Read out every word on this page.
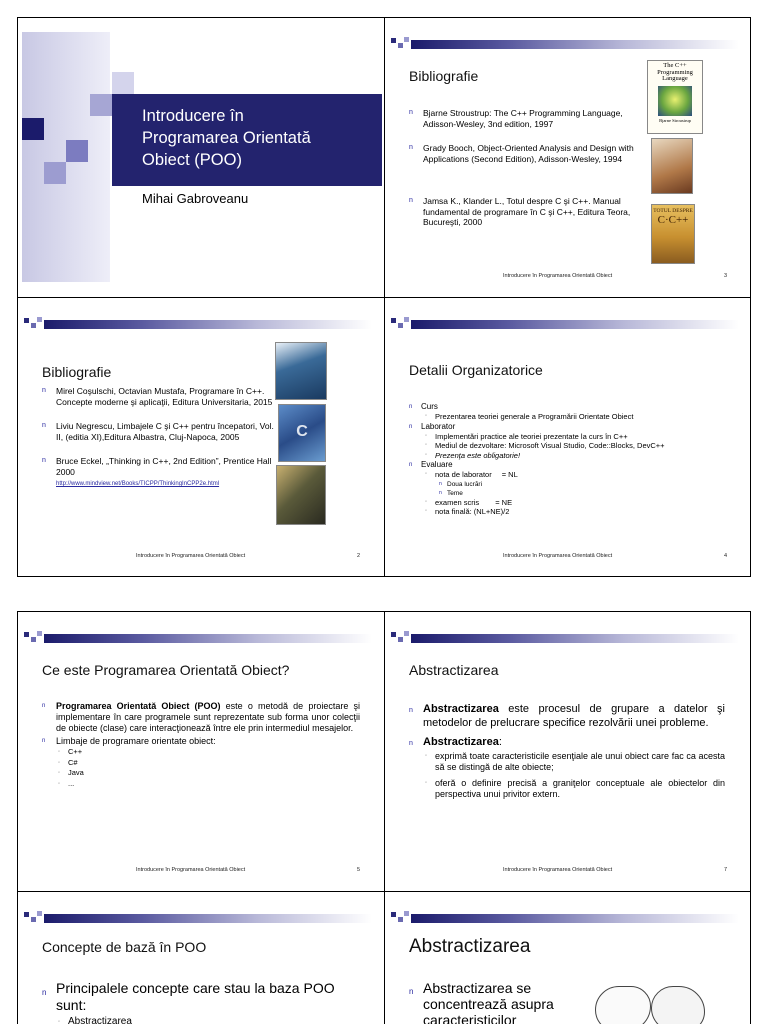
Introducere în
Programarea Orientată
Obiect (POO)
Mihai Gabroveanu
Bibliografie
n Bjarne Stroustrup: The C++ Programming Language, Adisson-Wesley, 3nd edition, 1997
n Grady Booch, Object-Oriented Analysis and Design with Applications (Second Edition), Adisson-Wesley, 1994
n Jamsa K., Klander L., Totul despre C şi C++. Manual fundamental de programare în C şi C++, Editura Teora, Bucureşti, 2000
The C++
Programming
Language
Bjarne Stroustrup
TOTUL DESPRE
C·C++
Introducere în Programarea Orientată Obiect	3
Bibliografie
n Mirel Coşulschi, Octavian Mustafa, Programare în C++. Concepte moderne şi aplicaţii, Editura Universitaria, 2015
n Liviu Negrescu, Limbajele C şi C++ pentru începatori, Vol. II, (editia XI),Editura Albastra, Cluj-Napoca, 2005
n Bruce Eckel, „Thinking in C++, 2nd Edition”, Prentice Hall 2000
http://www.mindview.net/Books/TICPP/ThinkingInCPP2e.html
C
Introducere în Programarea Orientată Obiect	2
Detalii Organizatorice
n Curs
◦ Prezentarea teoriei generale a Programării Orientate Obiect
n Laborator
◦ Implementări practice ale teoriei prezentate la curs în C++
◦ Mediul de dezvoltare: Microsoft Visual Studio, Code::Blocks, DevC++
◦ Prezenţa este obligatorie!
n Evaluare
◦ nota de laborator = NL
n Doua lucrări
n Teme
◦ examen scris = NE
◦ nota finală: (NL+NE)/2
Introducere în Programarea Orientată Obiect	4
Ce este Programarea Orientată Obiect?
n Programarea Orientată Obiect (POO) este o metodă de proiectare şi implementare în care programele sunt reprezentate sub forma unor colecţii de obiecte (clase) care interacţionează între ele prin intermediul mesajelor.
n Limbaje de programare orientate obiect:
◦ C++
◦ C#
◦ Java
◦ ...
Introducere în Programarea Orientată Obiect	5
Abstractizarea
n Abstractizarea este procesul de grupare a datelor şi metodelor de prelucrare specifice rezolvării unei probleme.
n Abstractizarea:
◦ exprimă toate caracteristicile esenţiale ale unui obiect care fac ca acesta să se distingă de alte obiecte;
◦ oferă o definire precisă a graniţelor conceptuale ale obiectelor din perspectiva unui privitor extern.
Introducere în Programarea Orientată Obiect	7
Concepte de bază în POO
n Principalele concepte care stau la baza POO sunt:
◦ Abstractizarea
Abstractizarea
n Abstractizarea se
concentrează asupra
caracteristicilor
